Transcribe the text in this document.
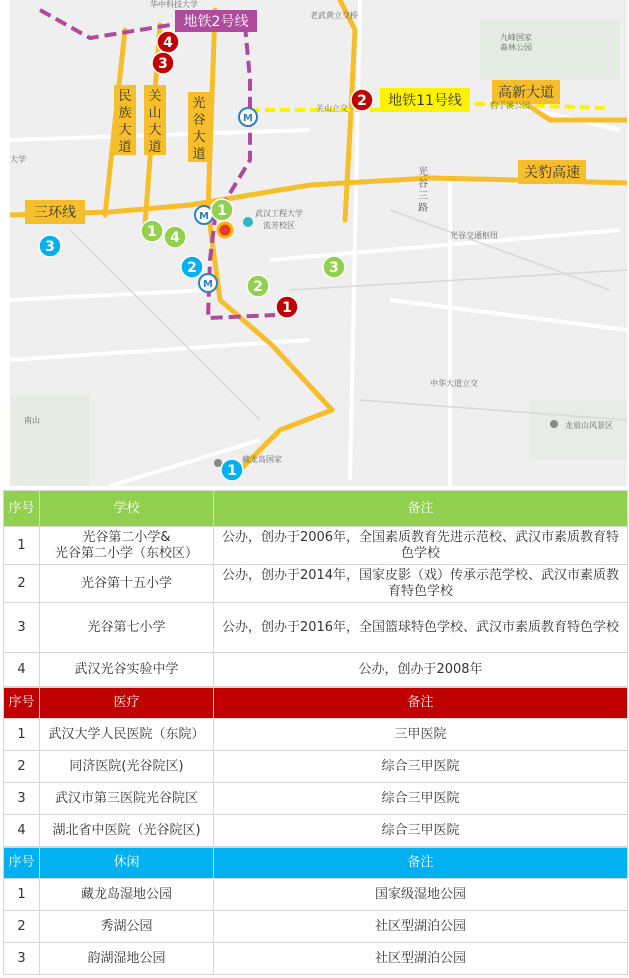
地铁2号线
地铁11号线	高新大道
关豹高速
三环线
民族大道
关山大道
光谷大道
光谷三路
华中科技大学
老武黄立交桥
九峰国家
森林公园
关山立交
武汉工程大学
流芳校区
光谷交通枢纽
中华大道立交
龙泉山风景区
南山
大学
豹子溪公园
藏龙岛国家
M
M
M
4
3
2
1
1
4
1
2
3
3
2
1
序号	学校	备注
1	光谷第二小学&
光谷第二小学（东校区）	公办，创办于2006年，全国素质教育先进示范校、武汉市素质教育特色学校
2	光谷第十五小学	公办，创办于2014年，国家皮影（戏）传承示范学校、武汉市素质教育特色学校
3	光谷第七小学	公办，创办于2016年，全国篮球特色学校、武汉市素质教育特色学校
4	武汉光谷实验中学	公办，创办于2008年
序号	医疗	备注
1	武汉大学人民医院（东院）	三甲医院
2	同济医院(光谷院区)	综合三甲医院
3	武汉市第三医院光谷院区	综合三甲医院
4	湖北省中医院（光谷院区)	综合三甲医院
序号	休闲	备注
1	藏龙岛湿地公园	国家级湿地公园
2	秀湖公园	社区型湖泊公园
3	韵湖湿地公园	社区型湖泊公园
